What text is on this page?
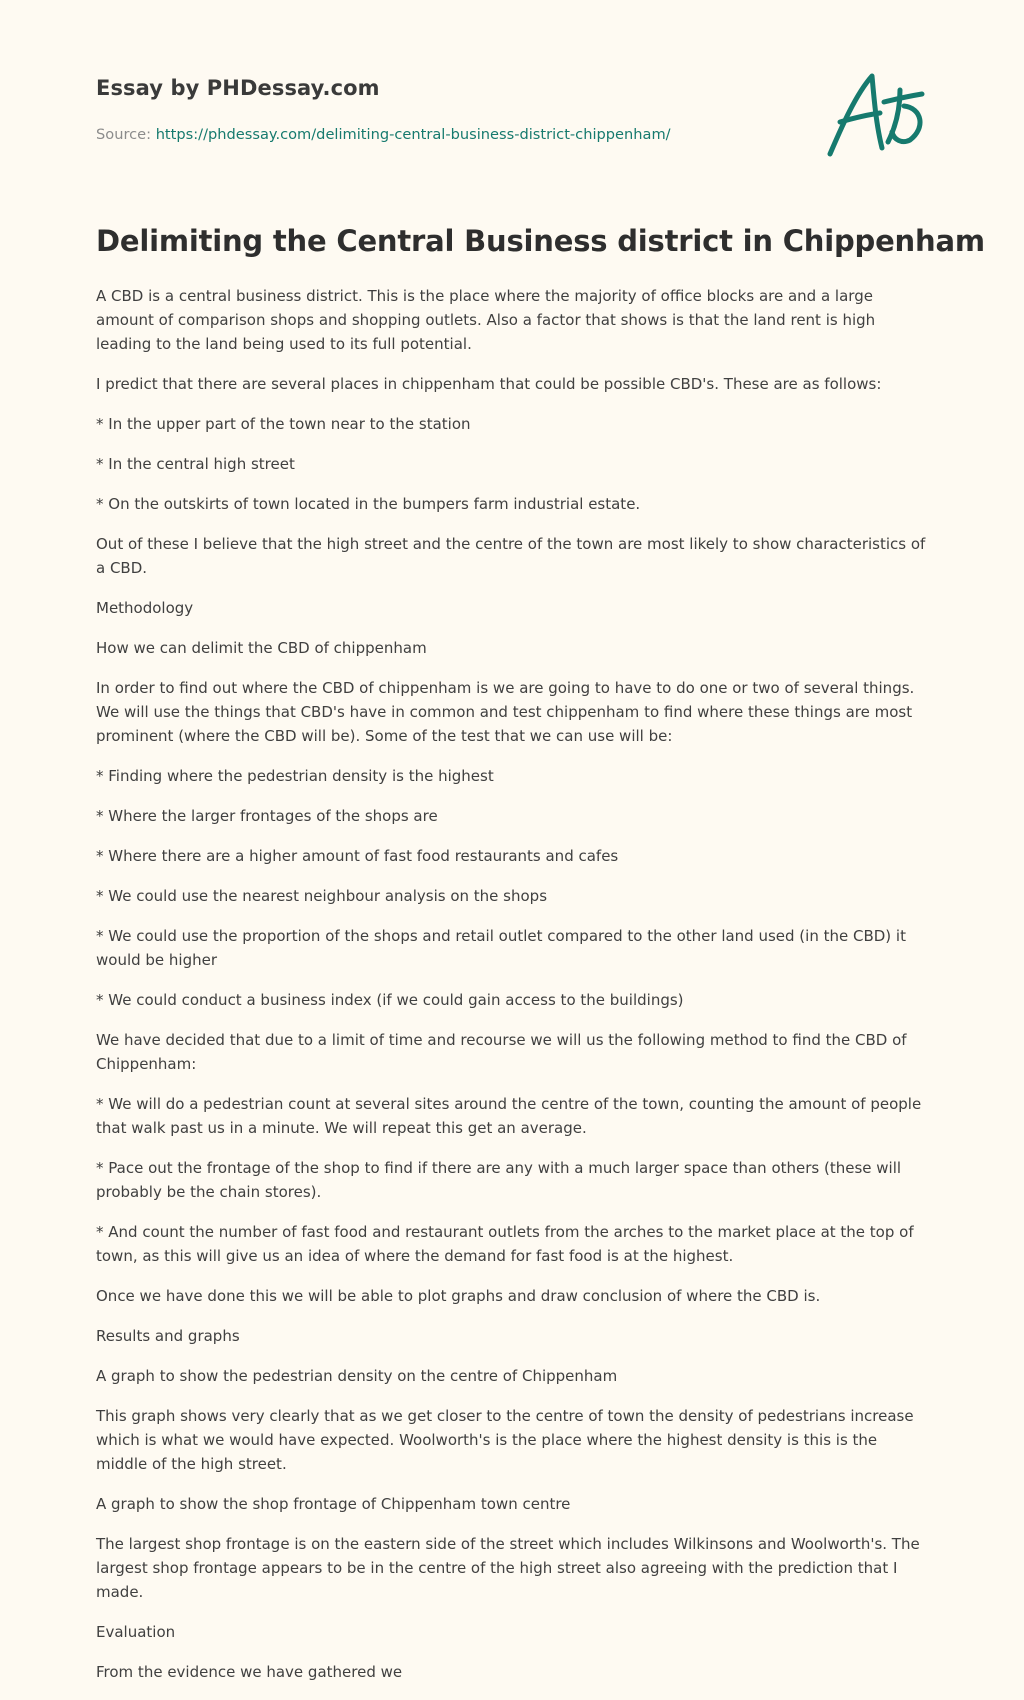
Essay by PHDessay.com

Source: https://phdessay.com/delimiting-central-business-district-chippenham/

Delimiting the Central Business district in Chippenham

A CBD is a central business district. This is the place where the majority of office blocks are and a large amount of comparison shops and shopping outlets. Also a factor that shows is that the land rent is high leading to the land being used to its full potential.

I predict that there are several places in chippenham that could be possible CBD's. These are as follows:

* In the upper part of the town near to the station

* In the central high street

* On the outskirts of town located in the bumpers farm industrial estate.

Out of these I believe that the high street and the centre of the town are most likely to show characteristics of a CBD.

Methodology

How we can delimit the CBD of chippenham

In order to find out where the CBD of chippenham is we are going to have to do one or two of several things. We will use the things that CBD's have in common and test chippenham to find where these things are most prominent (where the CBD will be). Some of the test that we can use will be:

* Finding where the pedestrian density is the highest

* Where the larger frontages of the shops are

* Where there are a higher amount of fast food restaurants and cafes

* We could use the nearest neighbour analysis on the shops

* We could use the proportion of the shops and retail outlet compared to the other land used (in the CBD) it would be higher

* We could conduct a business index (if we could gain access to the buildings)

We have decided that due to a limit of time and recourse we will us the following method to find the CBD of Chippenham:

* We will do a pedestrian count at several sites around the centre of the town, counting the amount of people that walk past us in a minute. We will repeat this get an average.

* Pace out the frontage of the shop to find if there are any with a much larger space than others (these will probably be the chain stores).

* And count the number of fast food and restaurant outlets from the arches to the market place at the top of town, as this will give us an idea of where the demand for fast food is at the highest.

Once we have done this we will be able to plot graphs and draw conclusion of where the CBD is.

Results and graphs

A graph to show the pedestrian density on the centre of Chippenham

This graph shows very clearly that as we get closer to the centre of town the density of pedestrians increase which is what we would have expected. Woolworth's is the place where the highest density is this is the middle of the high street.

A graph to show the shop frontage of Chippenham town centre

The largest shop frontage is on the eastern side of the street which includes Wilkinsons and Woolworth's. The largest shop frontage appears to be in the centre of the high street also agreeing with the prediction that I made.

Evaluation

From the evidence we have gathered we
